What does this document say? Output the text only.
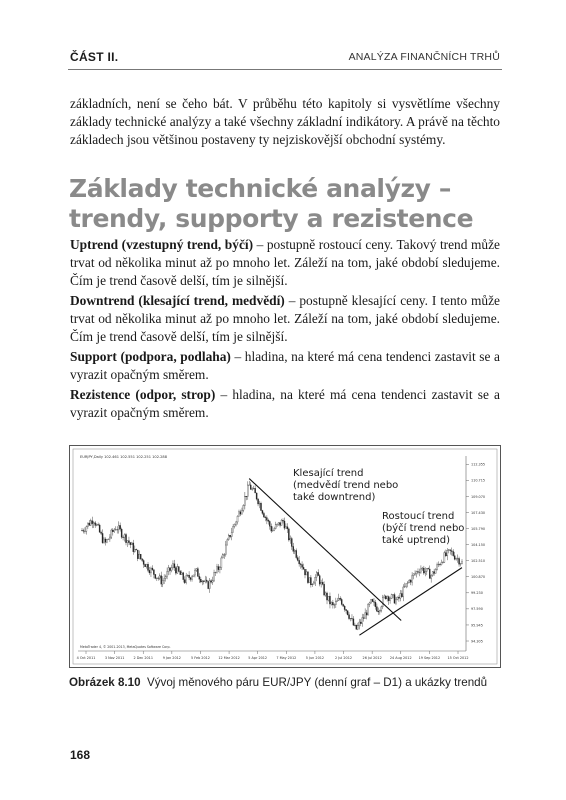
ČÁST II.	ANALÝZA FINANČNÍCH TRHŮ

základních, není se čeho bát. V průběhu této kapitoly si vysvětlíme všechny základy technické analýzy a také všechny základní indikátory. A právě na těchto základech jsou většinou postaveny ty nejziskovější obchodní systémy.

Základy technické analýzy – trendy, supporty a rezistence

Uptrend (vzestupný trend, býčí) – postupně rostoucí ceny. Takový trend může trvat od několika minut až po mnoho let. Záleží na tom, jaké období sledujeme. Čím je trend časově delší, tím je silnější.

Downtrend (klesající trend, medvědí) – postupně klesající ceny. I tento může trvat od několika minut až po mnoho let. Záleží na tom, jaké období sledujeme. Čím je trend časově delší, tím je silnější.

Support (podpora, podlaha) – hladina, na které má cena tendenci zastavit se a vyrazit opačným směrem.

Rezistence (odpor, strop) – hladina, na které má cena tendenci zastavit se a vyrazit opačným směrem.

EURJPY,Daily 102.461 102.551 102.251 102.288
MetaTrader 4, © 2001-2013, MetaQuotes Software Corp.
112.355
110.715
109.070
107.430
105.790
104.150
102.510
100.870
99.230
97.590
95.945
94.305
4 Oct 2011	3 Nov 2011	2 Dec 2011	9 Jan 2012	5 Feb 2012 12 Mar 2012 5 Apr 2012	7 May 2012	5 Jun 2012	2 Jul 2012	26 Jul 2012 24 Aug 2012 19 Sep 2012 15 Oct 2012
Klesající trend
(medvědí trend nebo
také downtrend)
Rostoucí trend
(býčí trend nebo
také uptrend)
Obrázek 8.10  Vývoj měnového páru EUR/JPY (denní graf – D1) a ukázky trendů
168
